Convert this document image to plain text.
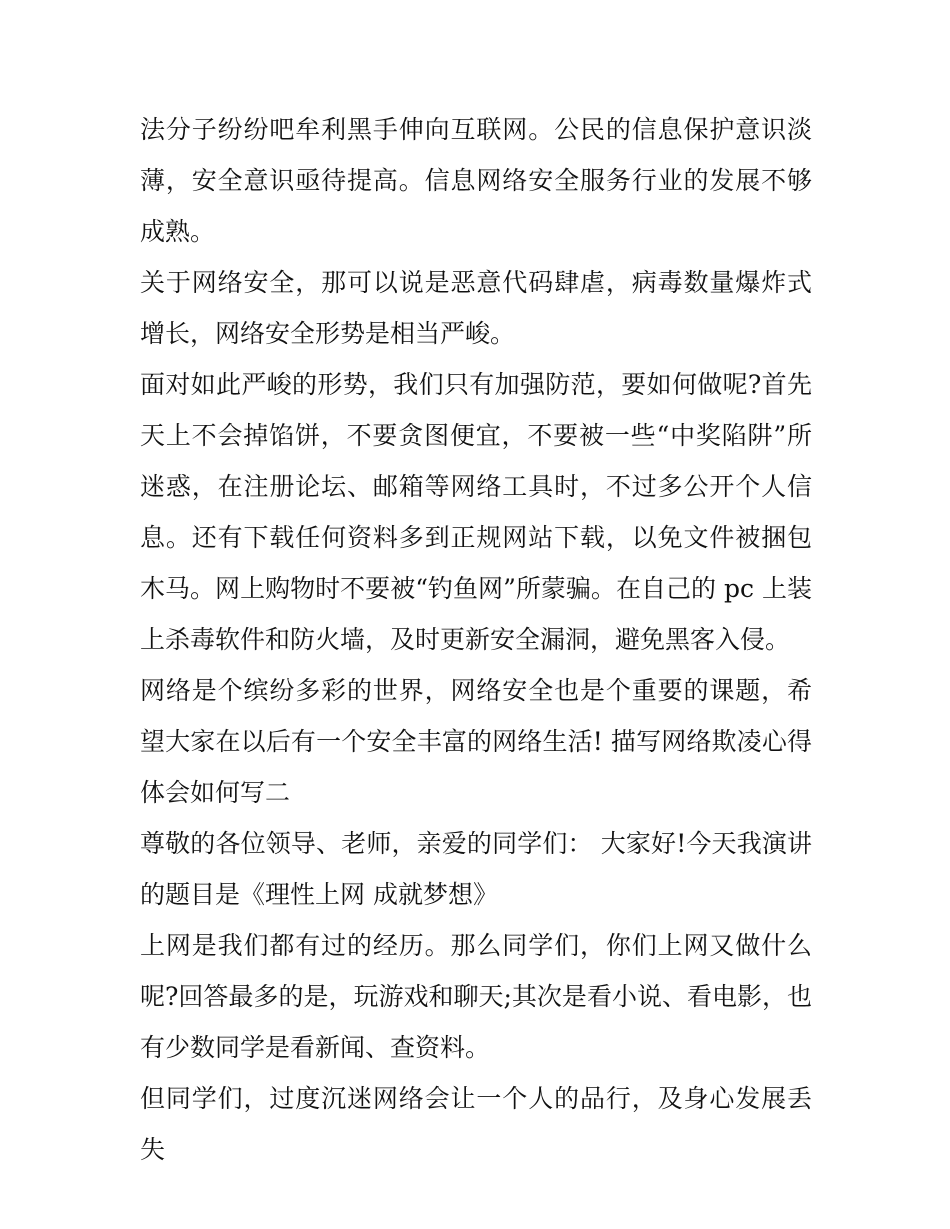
法分子纷纷吧牟利黑手伸向互联网。公民的信息保护意识淡薄，安全意识亟待提高。信息网络安全服务行业的发展不够成熟。

关于网络安全，那可以说是恶意代码肆虐，病毒数量爆炸式增长，网络安全形势是相当严峻。

面对如此严峻的形势，我们只有加强防范，要如何做呢?首先天上不会掉馅饼，不要贪图便宜，不要被一些“中奖陷阱”所迷惑，在注册论坛、邮箱等网络工具时，不过多公开个人信息。还有下载任何资料多到正规网站下载，以免文件被捆包木马。网上购物时不要被“钓鱼网”所蒙骗。在自己的 pc 上装上杀毒软件和防火墙，及时更新安全漏洞，避免黑客入侵。

网络是个缤纷多彩的世界，网络安全也是个重要的课题，希望大家在以后有一个安全丰富的网络生活! 描写网络欺凌心得体会如何写二

尊敬的各位领导、老师，亲爱的同学们： 大家好!今天我演讲的题目是《理性上网 成就梦想》

上网是我们都有过的经历。那么同学们，你们上网又做什么呢?回答最多的是，玩游戏和聊天;其次是看小说、看电影，也有少数同学是看新闻、查资料。

但同学们，过度沉迷网络会让一个人的品行，及身心发展丢失
